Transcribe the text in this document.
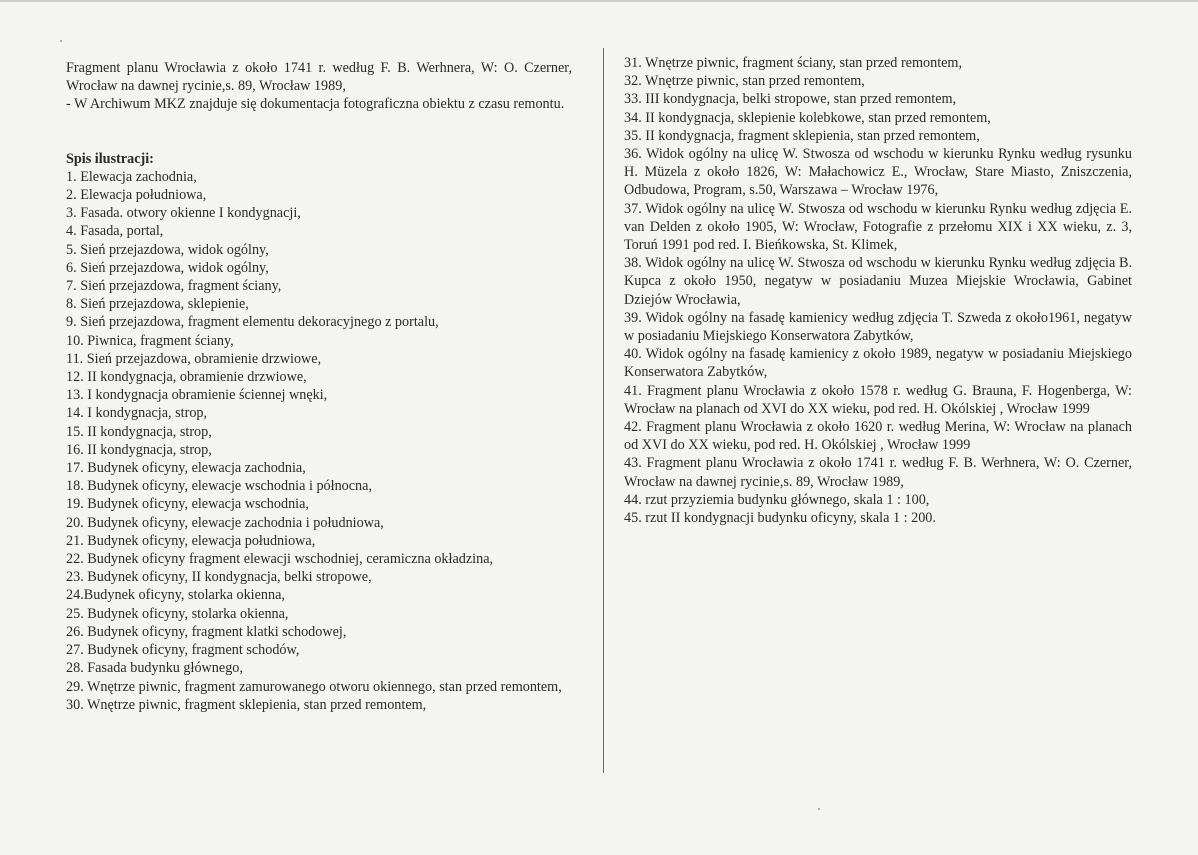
Fragment planu Wrocławia z około 1741 r. według F. B. Werhnera, W: O. Czerner, Wrocław na dawnej rycinie,s. 89, Wrocław 1989,

- W Archiwum MKZ znajduje się dokumentacja fotograficzna obiektu z czasu remontu.

Spis ilustracji:

1. Elewacja zachodnia,
2. Elewacja południowa,
3. Fasada. otwory okienne I kondygnacji,
4. Fasada, portal,
5. Sień przejazdowa, widok ogólny,
6. Sień przejazdowa, widok ogólny,
7. Sień przejazdowa, fragment ściany,
8. Sień przejazdowa, sklepienie,
9. Sień przejazdowa, fragment elementu dekoracyjnego z portalu,
10. Piwnica, fragment ściany,
11. Sień przejazdowa, obramienie drzwiowe,
12. II kondygnacja, obramienie drzwiowe,
13. I kondygnacja obramienie ściennej wnęki,
14. I kondygnacja, strop,
15. II kondygnacja, strop,
16. II kondygnacja, strop,
17. Budynek oficyny, elewacja zachodnia,
18. Budynek oficyny, elewacje wschodnia i północna,
19. Budynek oficyny, elewacja wschodnia,
20. Budynek oficyny, elewacje zachodnia i południowa,
21. Budynek oficyny, elewacja południowa,
22. Budynek oficyny fragment elewacji wschodniej, ceramiczna okładzina,
23. Budynek oficyny, II kondygnacja, belki stropowe,
24.Budynek oficyny, stolarka okienna,
25. Budynek oficyny, stolarka okienna,
26. Budynek oficyny, fragment klatki schodowej,
27. Budynek oficyny, fragment schodów,
28. Fasada budynku głównego,
29. Wnętrze piwnic, fragment zamurowanego otworu okiennego, stan przed remontem,
30. Wnętrze piwnic, fragment sklepienia, stan przed remontem,
31. Wnętrze piwnic, fragment ściany, stan przed remontem,
32. Wnętrze piwnic, stan przed remontem,
33. III kondygnacja, belki stropowe, stan przed remontem,
34. II kondygnacja, sklepienie kolebkowe, stan przed remontem,
35. II kondygnacja, fragment sklepienia, stan przed remontem,
36. Widok ogólny na ulicę W. Stwosza od wschodu w kierunku Rynku według rysunku H. Müzela z około 1826, W: Małachowicz E., Wrocław, Stare Miasto, Zniszczenia, Odbudowa, Program, s.50, Warszawa – Wrocław 1976,
37. Widok ogólny na ulicę W. Stwosza od wschodu w kierunku Rynku według zdjęcia E. van Delden z około 1905, W: Wrocław, Fotografie z przełomu XIX i XX wieku, z. 3, Toruń 1991 pod red. I. Bieńkowska, St. Klimek,
38. Widok ogólny na ulicę W. Stwosza od wschodu w kierunku Rynku według zdjęcia B. Kupca z około 1950, negatyw w posiadaniu Muzea Miejskie Wrocławia, Gabinet Dziejów Wrocławia,
39. Widok ogólny na fasadę kamienicy według zdjęcia T. Szweda z około1961, negatyw w posiadaniu Miejskiego Konserwatora Zabytków,
40. Widok ogólny na fasadę kamienicy z około 1989, negatyw w posiadaniu Miejskiego Konserwatora Zabytków,
41. Fragment planu Wrocławia z około 1578 r. według G. Brauna, F. Hogenberga, W: Wrocław na planach od XVI do XX wieku, pod red. H. Okólskiej , Wrocław 1999
42. Fragment planu Wrocławia z około 1620 r. według Merina, W: Wrocław na planach od XVI do XX wieku, pod red. H. Okólskiej , Wrocław 1999
43. Fragment planu Wrocławia z około 1741 r. według F. B. Werhnera, W: O. Czerner, Wrocław na dawnej rycinie,s. 89, Wrocław 1989,
44. rzut przyziemia budynku głównego, skala 1 : 100,
45. rzut II kondygnacji budynku oficyny, skala 1 : 200.
